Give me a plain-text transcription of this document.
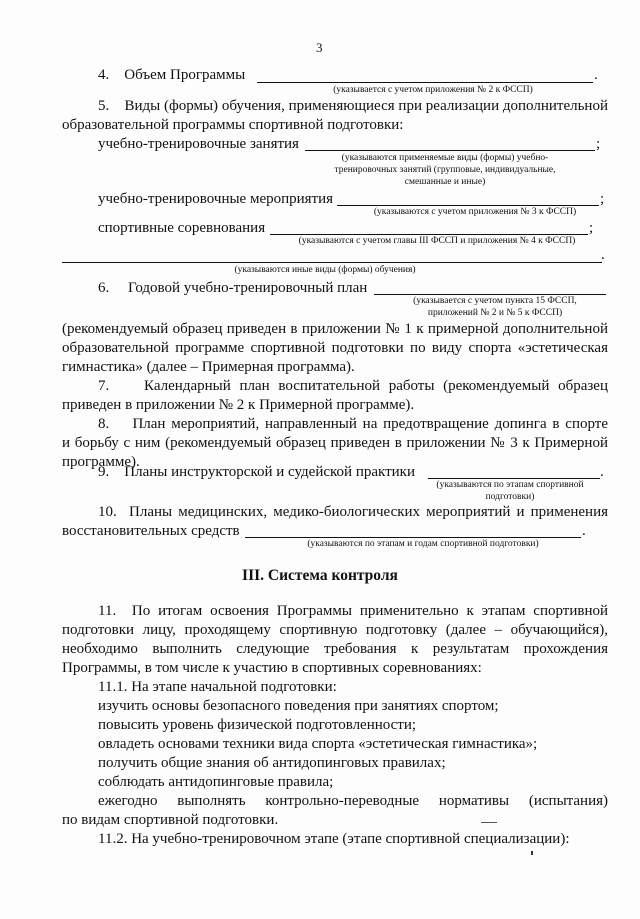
3
4.    Объем Программы	.
(указывается с учетом приложения № 2 к ФССП)
5.    Виды (формы) обучения, применяющиеся при реализации дополнительной
образовательной программы спортивной подготовки:
учебно-тренировочные занятия	;
(указываются применяемые виды (формы) учебно-
тренировочных занятий (групповые, индивидуальные,
смешанные и иные)
учебно-тренировочные мероприятия	;
(указываются с учетом приложения № 3 к ФССП)
спортивные соревнования	;
(указываются с учетом главы III ФССП и приложения № 4 к ФССП)
.
(указываются иные виды (формы) обучения)
6.     Годовой учебно-тренировочный план
(указывается с учетом пункта 15 ФССП,
приложений № 2 и № 5 к ФССП)
(рекомендуемый образец приведен в приложении № 1 к примерной дополнительной
образовательной программе спортивной подготовки по виду спорта «эстетическая
гимнастика» (далее – Примерная программа).
7.    Календарный план воспитательной работы (рекомендуемый образец
приведен в приложении № 2 к Примерной программе).
8.    План мероприятий, направленный на предотвращение допинга в спорте
и борьбу с ним (рекомендуемый образец приведен в приложении № 3 к Примерной
программе).
9.    Планы инструкторской и судейской практики	.
(указываются по этапам спортивной
подготовки)
10.  Планы медицинских, медико-биологических мероприятий и применения
восстановительных средств	.
(указываются по этапам и годам спортивной подготовки)
III. Система контроля
11.  По итогам освоения Программы применительно к этапам спортивной
подготовки лицу, проходящему спортивную подготовку (далее – обучающийся),
необходимо выполнить следующие требования к результатам прохождения
Программы, в том числе к участию в спортивных соревнованиях:
11.1. На этапе начальной подготовки:
изучить основы безопасного поведения при занятиях спортом;
повысить уровень физической подготовленности;
овладеть основами техники вида спорта «эстетическая гимнастика»;
получить общие знания об антидопинговых правилах;
соблюдать антидопинговые правила;
ежегодно выполнять контрольно-переводные нормативы (испытания)
по видам спортивной подготовки.
11.2. На учебно-тренировочном этапе (этапе спортивной специализации):
